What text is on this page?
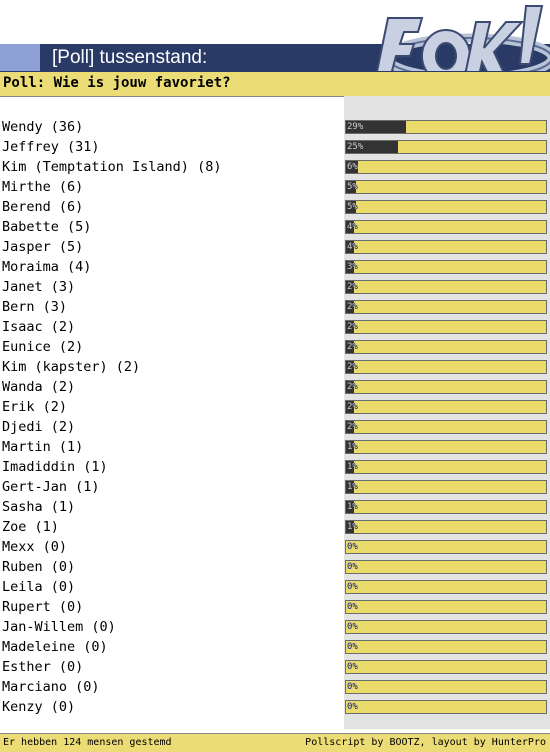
[Poll] tussenstand:
Poll: Wie is jouw favoriet?
Wendy (36)	29%
Jeffrey (31)	25%
Kim (Temptation Island) (8)	6%
Mirthe (6)	5%
Berend (6)	5%
Babette (5)	4%
Jasper (5)	4%
Moraima (4)	3%
Janet (3)	2%
Bern (3)	2%
Isaac (2)	2%
Eunice (2)	2%
Kim (kapster) (2)	2%
Wanda (2)	2%
Erik (2)	2%
Djedi (2)	2%
Martin (1)	1%
Imadiddin (1)	1%
Gert-Jan (1)	1%
Sasha (1)	1%
Zoe (1)	1%
Mexx (0)	0%
Ruben (0)	0%
Leila (0)	0%
Rupert (0)	0%
Jan-Willem (0)	0%
Madeleine (0)	0%
Esther (0)	0%
Marciano (0)	0%
Kenzy (0)	0%
Er hebben 124 mensen gestemd	Pollscript by BOOTZ, layout by HunterPro
